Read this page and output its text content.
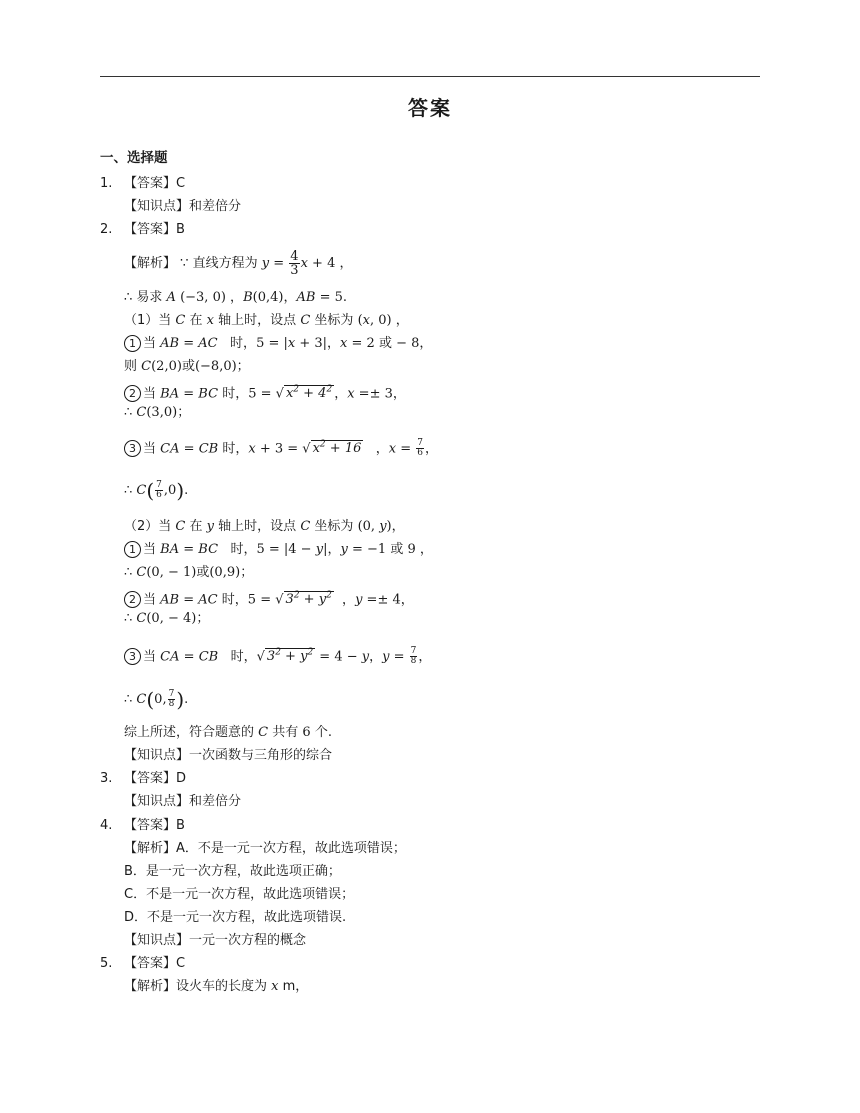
答案
一、选择题
1. 【答案】C
【知识点】和差倍分
2. 【答案】B
【解析】 ∵ 直线方程为 $y = \frac{4}{3}$ x + 4 ，
∴ 易求 A (−3, 0) ，B(0,4)，AB = 5.
（1）当 C 在 x 轴上时，设点 C 坐标为 (x, 0) ，
1 当 AB = AC 时，5 = |x + 3|，x = 2 或 − 8，
则 C(2,0)或(−8,0)；
2 当 BA = BC 时，5 = √ $x^2 + 4^2$ ，x =± 3，
∴ C(3,0)；
3 当 CA = CB 时，x + 3 = √ $x^2 + 16$   ，$x = \frac{7}{6}$ ，
∴ $C( \frac{7}{6} ,0)$.
（2）当 C 在 y 轴上时，设点 C 坐标为 (0, y)，
1 当 BA = BC 时，5 = |4 − y|，y = −1 或 9 ，
∴ C(0, − 1)或(0,9)；
2 当 AB = AC 时，5 = √ $3^2 + y^2$  ，y =± 4，
∴ C(0, − 4)；
3 当 CA = CB 时，√ $3^2 + y^2 = 4 - y$，$y = \frac{7}{8}$ ，
∴ C(0, $\frac{7}{8}$ ).
综上所述，符合题意的 C 共有 6 个.
【知识点】一次函数与三角形的综合
3. 【答案】D
【知识点】和差倍分
4. 【答案】B
【解析】A．不是一元一次方程，故此选项错误；
B．是一元一次方程，故此选项正确；
C．不是一元一次方程，故此选项错误；
D．不是一元一次方程，故此选项错误.
【知识点】一元一次方程的概念
5. 【答案】C
【解析】设火车的长度为 x m，
